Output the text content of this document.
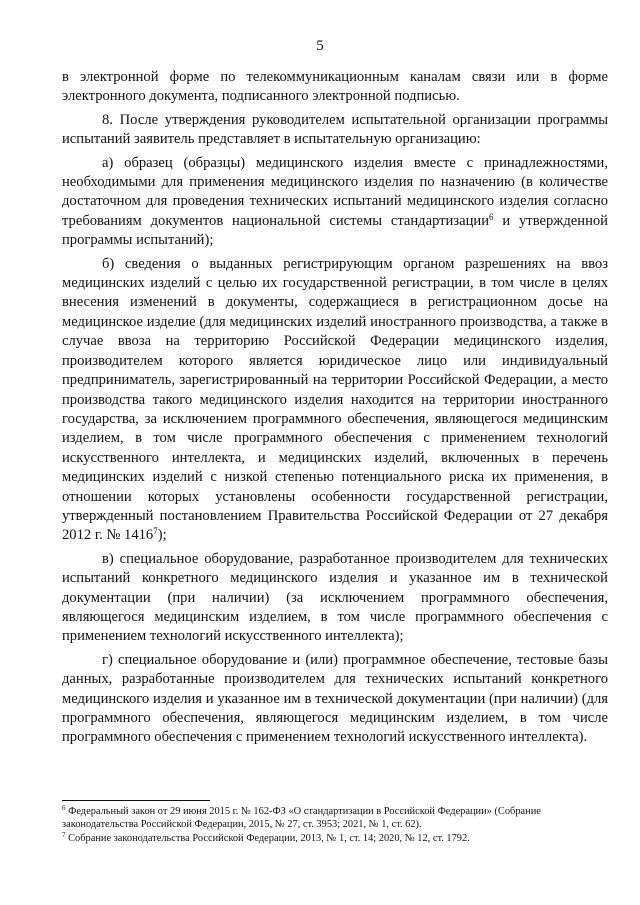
5

в электронной форме по телекоммуникационным каналам связи или в форме электронного документа, подписанного электронной подписью.

8. После утверждения руководителем испытательной организации программы испытаний заявитель представляет в испытательную организацию:

а) образец (образцы) медицинского изделия вместе с принадлежностями, необходимыми для применения медицинского изделия по назначению (в количестве достаточном для проведения технических испытаний медицинского изделия согласно требованиям документов национальной системы стандартизации$^6$ и утвержденной программы испытаний);

б) сведения о выданных регистрирующим органом разрешениях на ввоз медицинских изделий с целью их государственной регистрации, в том числе в целях внесения изменений в документы, содержащиеся в регистрационном досье на медицинское изделие (для медицинских изделий иностранного производства, а также в случае ввоза на территорию Российской Федерации медицинского изделия, производителем которого является юридическое лицо или индивидуальный предприниматель, зарегистрированный на территории Российской Федерации, а место производства такого медицинского изделия находится на территории иностранного государства, за исключением программного обеспечения, являющегося медицинским изделием, в том числе программного обеспечения с применением технологий искусственного интеллекта, и медицинских изделий, включенных в перечень медицинских изделий с низкой степенью потенциального риска их применения, в отношении которых установлены особенности государственной регистрации, утвержденный постановлением Правительства Российской Федерации от 27 декабря 2012 г. № 1416$^7$);

в) специальное оборудование, разработанное производителем для технических испытаний конкретного медицинского изделия и указанное им в технической документации (при наличии) (за исключением программного обеспечения, являющегося медицинским изделием, в том числе программного обеспечения с применением технологий искусственного интеллекта);

г) специальное оборудование и (или) программное обеспечение, тестовые базы данных, разработанные производителем для технических испытаний конкретного медицинского изделия и указанное им в технической документации (при наличии) (для программного обеспечения, являющегося медицинским изделием, в том числе программного обеспечения с применением технологий искусственного интеллекта).

$^6$ Федеральный закон от 29 июня 2015 г. № 162-ФЗ «О стандартизации в Российской Федерации» (Собрание законодательства Российской Федерации, 2015, № 27, ст. 3953; 2021, № 1, ст. 62).

$^7$ Собрание законодательства Российской Федерации, 2013, № 1, ст. 14; 2020, № 12, ст. 1792.
